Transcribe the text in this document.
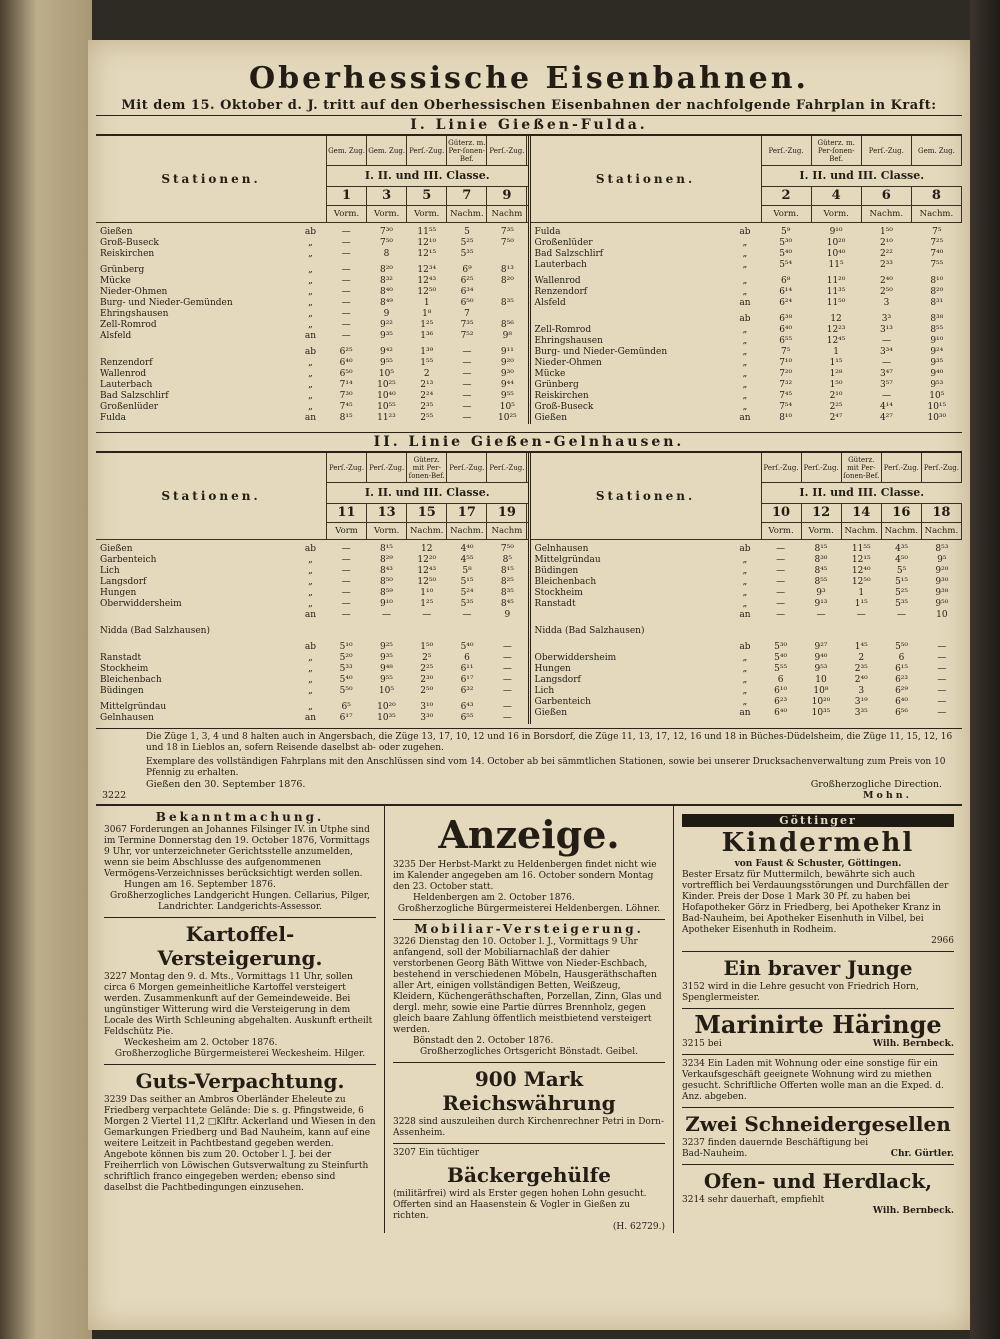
Oberhessische Eisenbahnen.
Mit dem 15. Oktober d. J. tritt auf den Oberhessischen Eisenbahnen der nachfolgende Fahrplan in Kraft:
I. Linie Gießen-Fulda.
Stationen.
Gem. Zug. Gem. Zug. Perſ.-Zug.
Güterz. m. Per-ſonen-Bef.
Perſ.-Zug.
I. II. und III. Classe.
1	3	5	7	9
Vorm.	Vorm.	Vorm.	Nachm. Nachm
Gießen	ab	—	7³⁰	11⁵⁵	5	7³⁵
Groß-Buseck	„	—	7⁵⁰	12¹⁰	5²⁵	7⁵⁰
Reiskirchen	„	—	8	12¹⁵	5³⁵
Grünberg	„	—	8²⁰	12³⁴	6⁹	8¹³
Mücke	„	—	8³²	12⁴³	6²⁵	8²⁰
Nieder-Ohmen	„	—	8⁴⁰	12⁵⁰	6³⁴
Burg- und Nieder-Gemünden	„	—	8⁴⁹	1	6⁵⁰	8³⁵
Ehringshausen	„	—	9	1⁸	7
Zell-Romrod	„	—	9²²	1²⁵	7³⁵	8⁵⁶
Alsfeld	an	—	9³⁵	1³⁶	7⁵²	9⁸
ab	6²⁵	9⁴²	1³⁹	—	9¹¹
Renzendorf	„	6⁴⁰	9⁵⁵	1⁵⁵	—	9²⁰
Wallenrod	„	6⁵⁰	10⁵	2	—	9³⁰
Lauterbach	„	7¹⁴	10²⁵	2¹³	—	9⁴⁴
Bad Salzschlirf	„	7³⁰	10⁴⁰	2²⁴	—	9⁵⁵
Großenlüder	„	7⁴⁵	10⁵⁵	2³⁵	—	10⁵
Fulda	an	8¹⁵	11²³	2⁵⁵	—	10²⁵
Stationen.
Perſ.-Zug.
Güterz. m. Per-ſonen-Bef.
Perſ.-Zug.	Gem. Zug.
I. II. und III. Classe.
2	4	6	8
Vorm.	Vorm.	Nachm.	Nachm.
Fulda	ab	5⁹	9¹⁰	1⁵⁰	7⁵
Großenlüder	„	5³⁰	10²⁰	2¹⁰	7²⁵
Bad Salzschlirf	„	5⁴⁰	10⁴⁰	2²²	7⁴⁰
Lauterbach	„	5⁵⁴	11⁵	2³³	7⁵⁵
Wallenrod	„	6⁸	11²⁰	2⁴⁰	8¹⁰
Renzendorf	„	6¹⁴	11³⁵	2⁵⁰	8²⁰
Alsfeld	an	6²⁴	11⁵⁰	3	8³¹
ab	6³⁸	12	3³	8³⁸
Zell-Romrod	„	6⁴⁰	12²³	3¹³	8⁵⁵
Ehringshausen	„	6⁵⁵	12⁴⁵	—	9¹⁰
Burg- und Nieder-Gemünden	„	7⁵	1	3³⁴	9²⁴
Nieder-Ohmen	„	7¹⁰	1¹⁵	—	9³⁵
Mücke	„	7²⁰	1²⁸	3⁴⁷	9⁴⁰
Grünberg	„	7³²	1⁵⁰	3⁵⁷	9⁵³
Reiskirchen	„	7⁴⁵	2¹⁰	—	10⁵
Groß-Buseck	„	7⁵⁴	2²⁵	4¹⁴	10¹⁵
Gießen	an	8¹⁰	2⁴⁷	4²⁷	10³⁰
II. Linie Gießen-Gelnhausen.
Stationen.
Perſ.-Zug. Perſ.-Zug.
Güterz. mit Per-ſonen-Bef.
Perſ.-Zug. Perſ.-Zug.
I. II. und III. Classe.
11	13	15	17	19
Vorm	Vorm.	Nachm. Nachm. Nachm
Gießen	ab	—	8¹⁵	12	4⁴⁰	7⁵⁰
Garbenteich	„	—	8²⁹	12²⁰	4⁵⁵	8⁵
Lich	„	—	8⁴³	12⁴³	5⁸	8¹⁵
Langsdorf	„	—	8⁵⁰	12⁵⁰	5¹⁵	8²⁵
Hungen	„	—	8⁵⁹	1¹⁰	5²⁴	8³⁵
Oberwiddersheim	„	—	9¹⁰	1²⁵	5³⁵	8⁴⁵
an	—	—	—	—	9
Nidda (Bad Salzhausen)
ab	5¹⁰	9²⁵	1⁵⁰	5⁴⁰	—
Ranstadt	„	5²⁰	9³⁵	2⁵	6	—
Stockheim	„	5³³	9⁴⁸	2²⁵	6¹¹	—
Bleichenbach	„	5⁴⁰	9⁵⁵	2³⁰	6¹⁷	—
Büdingen	„	5⁵⁰	10⁵	2⁵⁰	6³²	—
Mittelgründau	„	6⁵	10²⁰	3¹⁰	6⁴³	—
Gelnhausen	an	6¹⁷	10³⁵	3³⁰	6⁵⁵	—
Stationen.
Perſ.-Zug. Perſ.-Zug.
Güterz. mit Per-ſonen-Bef.
Perſ.-Zug. Perſ.-Zug.
I. II. und III. Classe.
10	12	14	16	18
Vorm.	Vorm.	Nachm. Nachm. Nachm.
Gelnhausen	ab	—	8¹⁵	11⁵⁵	4³⁵	8⁵³
Mittelgründau	„	—	8³⁰	12¹⁵	4⁵⁰	9⁵
Büdingen	„	—	8⁴⁵	12⁴⁰	5⁵	9²⁰
Bleichenbach	„	—	8⁵⁵	12⁵⁰	5¹⁵	9³⁰
Stockheim	„	—	9³	1	5²⁵	9³⁸
Ranstadt	„	—	9¹³	1¹⁵	5³⁵	9⁵⁰
an	—	—	—	—	10
Nidda (Bad Salzhausen)
ab	5³⁰	9²⁷	1⁴⁵	5⁵⁰	—
Oberwiddersheim	„	5⁴⁰	9⁴⁰	2	6	—
Hungen	„	5⁵⁵	9⁵³	2³⁵	6¹⁵	—
Langsdorf	„	6	10	2⁴⁰	6²³	—
Lich	„	6¹⁰	10⁸	3	6²⁹	—
Garbenteich	„	6²³	10²⁰	3¹⁹	6⁴⁰	—
Gießen	an	6⁴⁰	10³⁵	3³⁵	6⁵⁶	—
Die Züge 1, 3, 4 und 8 halten auch in Angersbach, die Züge 13, 17, 10, 12 und 16 in Borsdorf, die Züge 11, 13, 17, 12, 16 und 18 in Büches-Düdelsheim, die Züge 11, 15, 12, 16 und 18 in Lieblos an, sofern Reisende daselbst ab- oder zugehen.
Exemplare des vollständigen Fahrplans mit den Anschlüssen sind vom 14. October ab bei sämmtlichen Stationen, sowie bei unserer Drucksachenverwaltung zum Preis von 10 Pfennig zu erhalten.
Gießen den 30. September 1876.	Großherzogliche Direction.
3222	Mohn.
Bekanntmachung.
3067 Forderungen an Johannes Filsinger IV. in Utphe sind im Termine Donnerstag den 19. October 1876, Vormittags 9 Uhr, vor unterzeichneter Gerichtsstelle anzumelden, wenn sie beim Abschlusse des aufgenommenen Vermögens-Verzeichnisses berücksichtigt werden sollen.
Hungen am 16. September 1876.
Großherzogliches Landgericht Hungen. Cellarius, Pilger, Landrichter. Landgerichts-Assessor.
Kartoffel-Versteigerung.
3227 Montag den 9. d. Mts., Vormittags 11 Uhr, sollen circa 6 Morgen gemeinheitliche Kartoffel versteigert werden. Zusammenkunft auf der Gemeindeweide. Bei ungünstiger Witterung wird die Versteigerung in dem Locale des Wirth Schleuning abgehalten. Auskunft ertheilt Feldschütz Pie.
Weckesheim am 2. October 1876.
Großherzogliche Bürgermeisterei Weckesheim. Hilger.
Guts-Verpachtung.
3239 Das seither an Ambros Oberländer Eheleute zu Friedberg verpachtete Gelände: Die s. g. Pfingstweide, 6 Morgen 2 Viertel 11,2 □Klftr. Ackerland und Wiesen in den Gemarkungen Friedberg und Bad Nauheim, kann auf eine weitere Leitzeit in Pachtbestand gegeben werden. Angebote können bis zum 20. October l. J. bei der Freiherrlich von Löwischen Gutsverwaltung zu Steinfurth schriftlich franco eingegeben werden; ebenso sind daselbst die Pachtbedingungen einzusehen.
Anzeige.
3235 Der Herbst-Markt zu Heldenbergen findet nicht wie im Kalender angegeben am 16. October sondern Montag den 23. October statt.
Heldenbergen am 2. October 1876.
Großherzogliche Bürgermeisterei Heldenbergen. Löhner.
Mobiliar-Versteigerung.
3226 Dienstag den 10. October l. J., Vormittags 9 Uhr anfangend, soll der Mobiliarnachlaß der dahier verstorbenen Georg Bäth Wittwe von Nieder-Eschbach, bestehend in verschiedenen Möbeln, Hausgeräthschaften aller Art, einigen vollständigen Betten, Weißzeug, Kleidern, Küchengeräthschaften, Porzellan, Zinn, Glas und dergl. mehr, sowie eine Partie dürres Brennholz, gegen gleich baare Zahlung öffentlich meistbietend versteigert werden.
Bönstadt den 2. October 1876.
Großherzogliches Ortsgericht Bönstadt. Geibel.
900 Mark Reichswährung
3228 sind auszuleihen durch Kirchenrechner Petri in Dorn-Assenheim.
3207 Ein tüchtiger
Bäckergehülfe
(militärfrei) wird als Erster gegen hohen Lohn gesucht. Offerten sind an Haasenstein & Vogler in Gießen zu richten.
(H. 62729.)
Göttinger
Kindermehl
von Faust & Schuster, Göttingen.
Bester Ersatz für Muttermilch, bewährte sich auch vortrefflich bei Verdauungsstörungen und Durchfällen der Kinder. Preis der Dose 1 Mark 30 Pf. zu haben bei Hofapotheker Görz in Friedberg, bei Apotheker Kranz in Bad-Nauheim, bei Apotheker Eisenhuth in Vilbel, bei Apotheker Eisenhuth in Rodheim.
2966
Ein braver Junge
3152 wird in die Lehre gesucht von Friedrich Horn, Spenglermeister.
Marinirte Häringe
3215 bei	Wilh. Bernbeck.
3234 Ein Laden mit Wohnung oder eine sonstige für ein Verkaufsgeschäft geeignete Wohnung wird zu miethen gesucht. Schriftliche Offerten wolle man an die Exped. d. Anz. abgeben.
Zwei Schneidergesellen
3237 finden dauernde Beschäftigung bei
Bad-Nauheim.	Chr. Gürtler.
Ofen- und Herdlack,
3214 sehr dauerhaft, empfiehlt
Wilh. Bernbeck.
